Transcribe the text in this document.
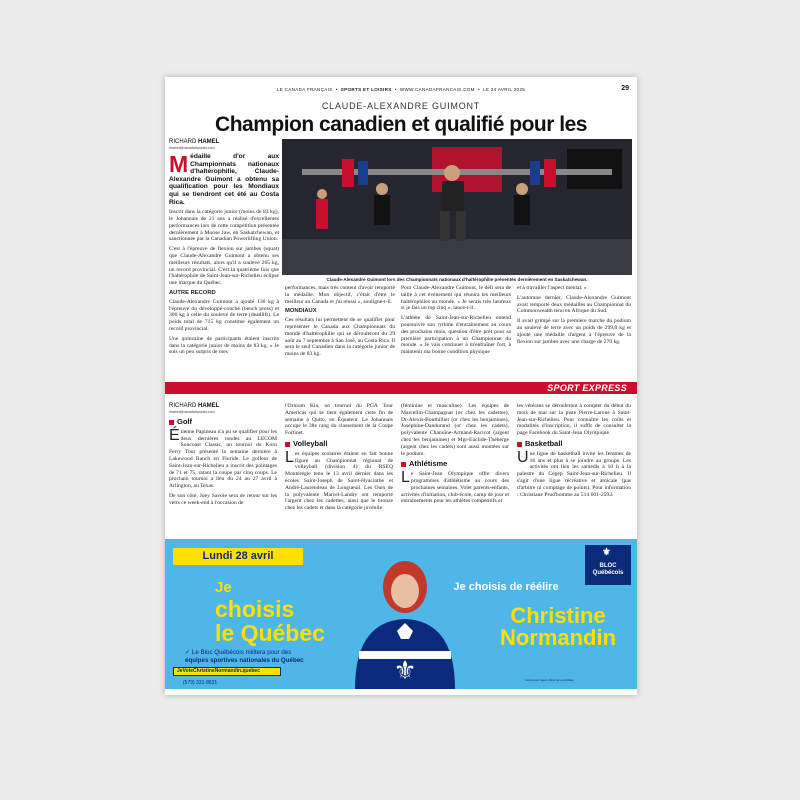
LE CANADA FRANÇAIS  •  SPORTS ET LOISIRS  •  WWW.CANADAFRANCAIS.COM  •  LE 24 AVRIL 2025	29
CLAUDE-ALEXANDRE GUIMONT
Champion canadien et qualifié pour les
RICHARD HAMEL
rhamel@canadafrancais.com

Médaille d'or aux Championnats nationaux d'haltérophilie, Claude-Alexandre Guimont a obtenu sa qualification pour les Mondiaux qui se tiendront cet été au Costa Rica.

Inscrit dans la catégorie junior (moins de 83 kg), le Johannais de 21 ans a réalisé d'excellentes performances lors de cette compétition présentée dernièrement à Moose Jaw, en Saskatchewan, et sanctionnée par la Canadian Powerlifting Union.

C'est à l'épreuve de flexion sur jambes (squat) que Claude-Alexandre Guimont a obtenu ses meilleurs résultats, alors qu'il a soulevé 265 kg, un record provincial. C'est la quatrième fois que l'haltérophile de Saint-Jean-sur-Richelieu éclipse une marque du Québec.

AUTRE RECORD

Claude-Alexandre Guimont a ajouté 130 kg à l'épreuve du développé-couché (bench press) et 300 kg à celle du soulevé de terre (deadlift). Le poids total de 715 kg constitue également un record provincial.

Une quinzaine de participants étaient inscrits dans la catégorie junior de moins de 83 kg. « Je suis un peu surpris de mes

Claude-Alexandre Guimont lors des Championnats nationaux d'haltérophilie présentés dernièrement en Saskatchewan.

performances, mais très content d'avoir remporté la médaille. Mon objectif, c'était d'être le meilleur au Canada et j'ai réussi », souligne-t-il.

MONDIAUX

Ces résultats lui permettent de se qualifier pour représenter le Canada aux Championnats du monde d'haltérophilie qui se dérouleront du 29 août au 7 septembre à San José, au Costa Rica. Il sera le seul Canadien dans la catégorie junior de moins de 83 kg.

Pour Claude-Alexandre Guimont, le défi sera de taille à cet événement qui réunira les meilleurs haltérophiles au monde. « Je serais très heureux si je fais un top cinq », lance-t-il.

L'athlète de Saint-Jean-sur-Richelieu entend poursuivre son rythme d'entraînement au cours des prochains mois, question d'être prêt pour sa première participation à un Championnat du monde. « Je vais continuer à m'entraîner fort, à maintenir ma bonne condition physique

et à travailler l'aspect mental. »

L'automne dernier, Claude-Alexandre Guimont avait remporté deux médailles au Championnat du Commonwealth tenu en Afrique du Sud.

Il avait grimpé sur la première marche du podium au soulevé de terre avec un poids de 299,8 kg et ajouté une médaille d'argent à l'épreuve de la flexion sur jambes avec une charge de 270 kg.

SPORT EXPRESS
RICHARD HAMEL
rhamel@canadafrancais.com
Golf

Étienne Papineau n'a pu se qualifier pour les deux dernières rondes au LECOM Suncoast Classic, un tournoi du Korn Ferry Tour présenté la semaine dernière à Lakewood Ranch en Floride. Le golfeur de Saint-Jean-sur-Richelieu a inscrit des pointages de 71 et 75, ratant la coupe par cinq coups. Le prochain tournoi a lieu du 24 au 27 avril à Arlington, au Texas.

De son côté, Joey Savoie sera de retour sur les verts ce week-end à l'occasion de

l'Ornium Kia, un tournoi du PGA Tour Americas qui se tient également cette fin de semaine à Quito, en Équateur. Le Johannais occupe le 38e rang du classement de la Coupe Fortinet.

Volleyball

Les équipes scolaires étaient en fait bonne figure au Championnat régional de volleyball (division 4) du RSEQ Montérégie tenu le 13 avril dernier dans les écoles Saint-Joseph de Saint-Hyacinthe et André-Laurendeau de Longueuil. Les Ours de la polyvalente Marcel-Landry ont remporté l'argent chez les cadettes, ainsi que le bronze chez les cadets et dans la catégorie juvénile

(féminine et masculine). Les équipes de Marcellin-Champagnat (or chez les cadettes), Dr-Alexis-Bouthillier (or chez les benjamines), Joséphine-Dandurand (or chez les cadets), polyvalente Chanoine-Armand-Racicot (argent chez les benjamines) et Mgr-Euclide-Théberge (argent chez les cadets) sont aussi montées sur le podium.

Athlétisme

Le Saint-Jean Olympique offre divers programmes d'athlétisme au cours des prochaines semaines. Volet parents-enfants, activités d'initiation, club-école, camp de jour et entraînements pour les athlètes compétitifs et

les vétérans se dérouleront à compter du début du mois de mai sur la piste Pierre-Laroue à Saint-Jean-sur-Richelieu. Pour connaître les coûts et modalités d'inscription, il suffit de consulter la page Facebook du Saint-Jean Olympique.

Basketball

Une ligue de basketball invite les femmes de 16 ans et plus à se joindre au groupe. Les activités ont lieu les samedis à 10 h à la palestre du Cégep Saint-Jean-sur-Richelieu. Il s'agit d'une ligue récréative et amicale (pas d'arbitre ni comptage de points). Pour information : Christiane Prud'homme au 514 601-2593.

Lundi 28 avril
Je
choisis
le Québec
✓ Le Bloc Québécois militera pour des
équipes sportives nationales du Québec
JeVoteChristineNormandin.quebec
(579) 331-8631	⚜
Je choisis de réélire
Christine
Normandin
⚜
BLOC
Québécois
Autorisé par l'agent officiel de la candidate
